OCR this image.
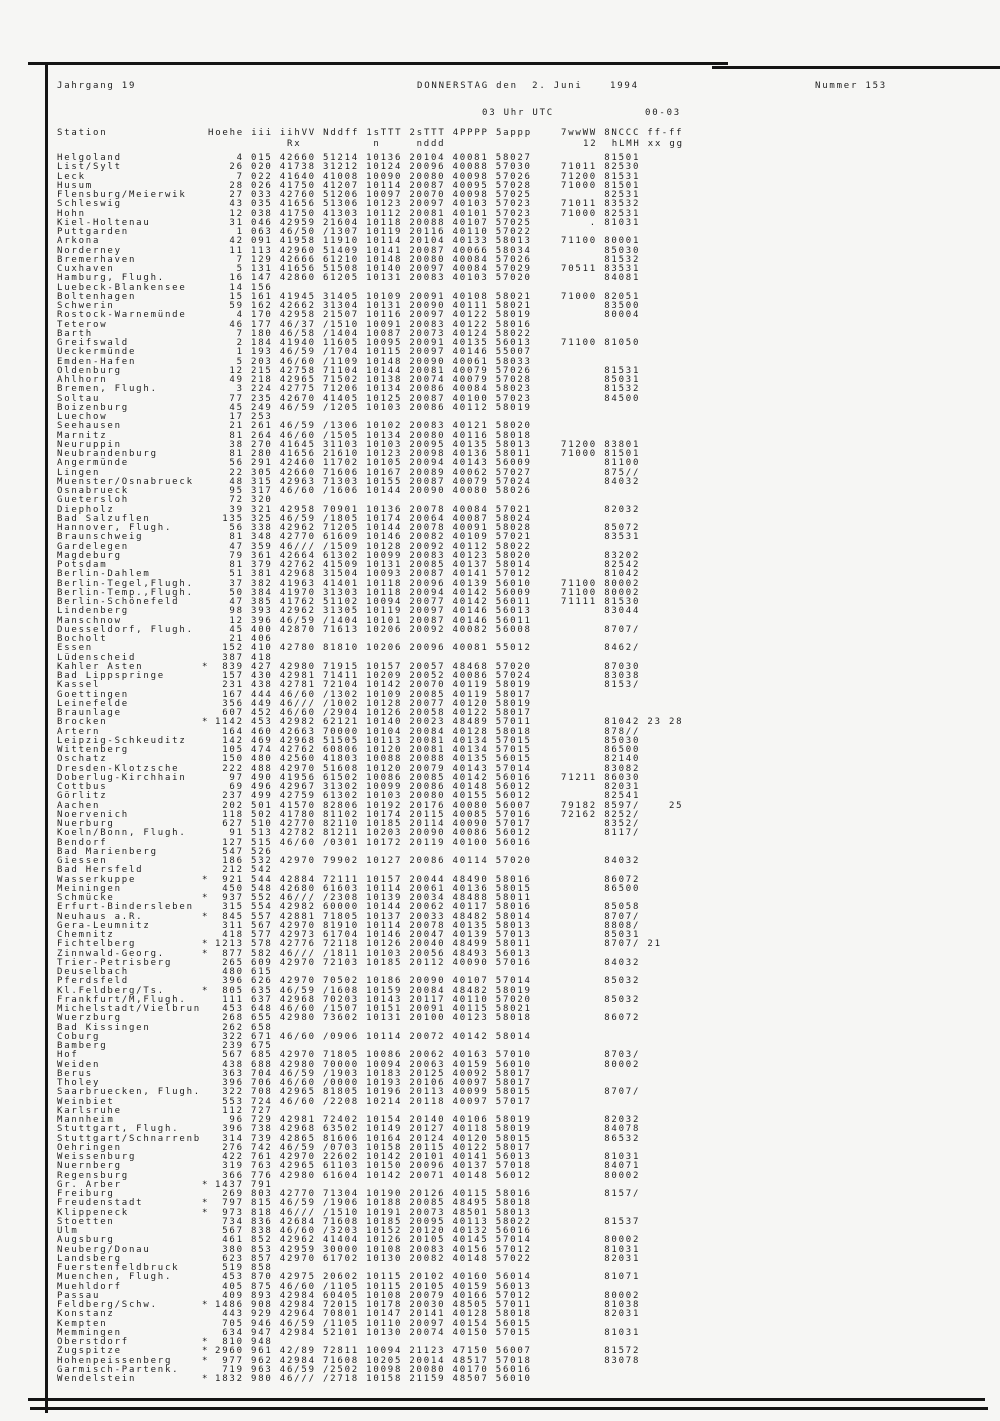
Jahrgang 19	DONNERSTAG den  2. Juni	1994	Nummer 153
03 Uhr UTC	00-03
Station	Hoehe iii iihVV Nddff 1sTTT 2sTTT 4PPPP 5appp	7wwWW 8NCCC ff-ff
Rx          n     nddd	12  hLMH xx gg
Helgoland	4 015 42660 51214 10136 20104 40081 58027	81501
List/Sylt	26 020 41738 31212 10124 20096 40088 57030	71011 82530
Leck	7 022 41640 41008 10090 20080 40098 57026	71200 81531
Husum	28 026 41750 41207 10114 20087 40095 57028	71000 81501
Flensburg/Meierwik	27 033 42760 51206 10097 20070 40098 57025	82531
Schleswig	43 035 41656 51306 10123 20097 40103 57023	71011 83532
Hohn	12 038 41750 41303 10112 20081 40101 57023	71000 82531
Kiel-Holtenau	31 046 42959 21604 10118 20088 40107 57025	. 81031
Puttgarden	1 063 46/50 /1307 10119 20116 40110 57022
Arkona	42 091 41958 11910 10114 20104 40133 58013	71100 80001
Norderney	11 113 42960 51409 10141 20087 40066 58034	85030
Bremerhaven	7 129 42666 61210 10148 20080 40084 57026	81532
Cuxhaven	5 131 41656 51508 10140 20097 40084 57029	70511 83531
Hamburg, Flugh.	16 147 42860 61205 10131 20083 40103 57020	84081
Luebeck-Blankensee	14 156
Boltenhagen	15 161 41945 31405 10109 20091 40108 58021	71000 82051
Schwerin	59 162 42662 31304 10131 20090 40111 58021	83500
Rostock-Warnemünde	4 170 42958 21507 10116 20097 40122 58019	80004
Teterow	46 177 46/37 /1510 10091 20083 40122 58016
Barth	7 180 46/58 /1404 10087 20073 40124 58022
Greifswald	2 184 41940 11605 10095 20091 40135 56013	71100 81050
Ueckermünde	1 193 46/59 /1704 10115 20097 40146 55007
Emden-Hafen	5 203 46/60 /1109 10148 20090 40061 58033
Oldenburg	12 215 42758 71104 10144 20081 40079 57026	81531
Ahlhorn	49 218 42965 71502 10138 20074 40079 57028	85031
Bremen, Flugh.	3 224 42775 71206 10134 20086 40084 58023	81532
Soltau	77 235 42670 41405 10125 20087 40100 57023	84500
Boizenburg	45 249 46/59 /1205 10103 20086 40112 58019
Luechow	17 253
Seehausen	21 261 46/59 /1306 10102 20083 40121 58020
Marnitz	81 264 46/60 /1505 10134 20080 40116 58018
Neuruppin	38 270 41645 31103 10103 20095 40135 58013	71200 83801
Neubrandenburg	81 280 41656 21610 10123 20098 40136 58011	71000 81501
Angermünde	56 291 42460 11702 10105 20094 40143 56009	81100
Lingen	22 305 42660 71606 10167 20089 40062 57027	875//
Muenster/Osnabrueck 48 315 42963 71303 10155 20087 40079 57024	84032
Osnabrueck	95 317 46/60 /1606 10144 20090 40080 58026
Guetersloh	72 320
Diepholz	39 321 42958 70901 10136 20078 40084 57021	82032
Bad Salzuflen	135 325 46/59 /1805 10174 20064 40087 58024
Hannover, Flugh.	56 338 42962 71205 10144 20078 40091 58028	85072
Braunschweig	81 348 42770 61609 10146 20082 40109 57021	83531
Gardelegen	47 359 46/// /1509 10128 20092 40112 58022
Magdeburg	79 361 42664 61302 10099 20083 40123 58020	83202
Potsdam	81 379 42762 41509 10131 20085 40137 58014	82542
Berlin-Dahlem	51 381 42968 31504 10093 20087 40141 57012	81042
Berlin-Tegel,Flugh. 37 382 41963 41401 10118 20096 40139 56010	71100 80002
Berlin-Temp.,Flugh. 50 384 41970 31303 10118 20094 40142 56009	71100 80002
Berlin-Schönefeld	47 385 41762 51102 10094 20077 40142 56011	71111 81530
Lindenberg	98 393 42962 31305 10119 20097 40146 56013	83044
Manschnow	12 396 46/59 /1404 10101 20087 40146 56011
Duesseldorf, Flugh. 45 400 42870 71613 10206 20092 40082 56008	8707/
Bocholt	21 406
Essen	152 410 42780 81810 10206 20096 40081 55012	8462/
Lüdenscheid	387 418
Kahler Asten	* 839 427 42980 71915 10157 20057 48468 57020	87030
Bad Lippspringe	157 430 42981 71411 10209 20052 40086 57024	83038
Kassel	231 438 42781 72104 10142 20070 40119 58019	8153/
Goettingen	167 444 46/60 /1302 10109 20085 40119 58017
Leinefelde	356 449 46/// /1002 10128 20077 40120 58019
Braunlage	607 452 46/60 /2904 10126 20058 40122 58017
Brocken	* 1142 453 42982 62121 10140 20023 48489 57011	81042 23 28
Artern	164 460 42663 70000 10104 20084 40128 58018	878//
Leipzig-Schkeuditz	142 469 42968 51505 10113 20081 40134 57015	85030
Wittenberg	105 474 42762 60806 10120 20081 40134 57015	86500
Oschatz	150 480 42560 41803 10088 20088 40135 56015	82140
Dresden-Klotzsche	222 488 42970 51608 10120 20079 40143 57014	83082
Doberlug-Kirchhain	97 490 41956 61502 10086 20085 40142 56016	71211 86030
Cottbus	69 496 42967 31302 10099 20086 40148 56012	82031
Görlitz	237 499 42759 61302 10103 20080 40155 56012	82541
Aachen	202 501 41570 82806 10192 20176 40080 56007	79182 8597/    25
Noervenich	118 502 41780 81102 10174 20115 40085 57016	72162 8252/
Nuerburg	627 510 42770 82110 10185 20114 40090 57017	8352/
Koeln/Bonn, Flugh.	91 513 42782 81211 10203 20090 40086 56012	8117/
Bendorf	127 515 46/60 /0301 10172 20119 40100 56016
Bad Marienberg	547 526
Giessen	186 532 42970 79902 10127 20086 40114 57020	84032
Bad Hersfeld	212 542
Wasserkuppe	* 921 544 42884 72111 10157 20044 48490 58016	86072
Meiningen	450 548 42680 61603 10114 20061 40136 58015	86500
Schmücke	* 937 552 46/// /2308 10139 20034 48488 58011
Erfurt-Bindersleben 315 554 42982 60000 10144 20062 40117 58016	85058
Neuhaus a.R.	* 845 557 42881 71805 10137 20033 48482 58014	8707/
Gera-Leumnitz	311 567 42970 81910 10114 20078 40135 58013	8808/
Chemnitz	418 577 42973 61704 10146 20047 40139 57013	85031
Fichtelberg	* 1213 578 42776 72118 10126 20040 48499 58011	8707/ 21
Zinnwald-Georg.	* 877 582 46/// /1811 10103 20056 48493 56013
Trier-Petrisberg	265 609 42970 72103 10185 20112 40090 57016	84032
Deuselbach	480 615
Pferdsfeld	396 626 42970 70502 10186 20090 40107 57014	85032
Kl.Feldberg/Ts.	* 805 635 46/59 /1608 10159 20084 48482 58019
Frankfurt/M,Flugh.	111 637 42968 70203 10143 20117 40110 57020	85032
Michelstadt/Vielbrun 453 648 46/60 /1507 10151 20091 40115 58021
Wuerzburg	268 655 42980 73602 10131 20100 40123 58018	86072
Bad Kissingen	262 658
Coburg	322 671 46/60 /0906 10114 20072 40142 58014
Bamberg	239 675
Hof	567 685 42970 71805 10086 20062 40163 57010	8703/
Weiden	438 688 42980 70000 10094 20063 40159 56010	80002
Berus	363 704 46/59 /1903 10183 20125 40092 58017
Tholey	396 706 46/60 /0000 10193 20106 40097 58017
Saarbruecken, Flugh. 322 708 42965 81805 10196 20113 40099 58015	8707/
Weinbiet	553 724 46/60 /2208 10214 20118 40097 57017
Karlsruhe	112 727
Mannheim	96 729 42981 72402 10154 20140 40106 58019	82032
Stuttgart, Flugh.	396 738 42968 63502 10149 20127 40118 58019	84078
Stuttgart/Schnarrenb 314 739 42865 81606 10164 20124 40120 58015	86532
Oehringen	276 742 46/59 /0703 10158 20115 40122 58017
Weissenburg	422 761 42970 22602 10142 20101 40141 56013	81031
Nuernberg	319 763 42965 61103 10150 20096 40137 57018	84071
Regensburg	366 776 42980 61604 10142 20071 40148 56012	80002
Gr. Arber	* 1437 791
Freiburg	269 803 42770 71304 10190 20126 40115 58016	8157/
Freudenstadt	* 797 815 46/59 /1906 10188 20085 48495 58018
Klippeneck	* 973 818 46/// /1510 10191 20073 48501 58013
Stoetten	734 836 42684 71608 10185 20095 40113 58022	81537
Ulm	567 838 46/60 /3203 10152 20120 40132 56016
Augsburg	461 852 42962 41404 10126 20105 40145 57014	80002
Neuberg/Donau	380 853 42959 30000 10108 20083 40156 57012	81031
Landsberg	623 857 42970 61702 10130 20082 40148 57022	82031
Fuerstenfeldbruck	519 858
Muenchen, Flugh.	453 870 42975 20602 10115 20102 40160 56014	81071
Muehldorf	405 875 46/60 /1105 10115 20105 40159 56013
Passau	409 893 42984 60405 10108 20079 40166 57012	80002
Feldberg/Schw.	* 1486 908 42984 72015 10178 20030 48505 57011	81038
Konstanz	443 929 42964 70801 10147 20141 40128 58018	82031
Kempten	705 946 46/59 /1105 10110 20097 40154 56015
Memmingen	634 947 42984 52101 10130 20074 40150 57015	81031
Oberstdorf	* 810 948
Zugspitze	* 2960 961 42/89 72811 10094 21123 47150 56007	81572
Hohenpeissenberg	* 977 962 42984 71608 10205 20014 48517 57018	83078
Garmisch-Partenk.	719 963 46/59 /2502 10098 20080 40170 56016
Wendelstein	* 1832 980 46/// /2718 10158 21159 48507 56010
